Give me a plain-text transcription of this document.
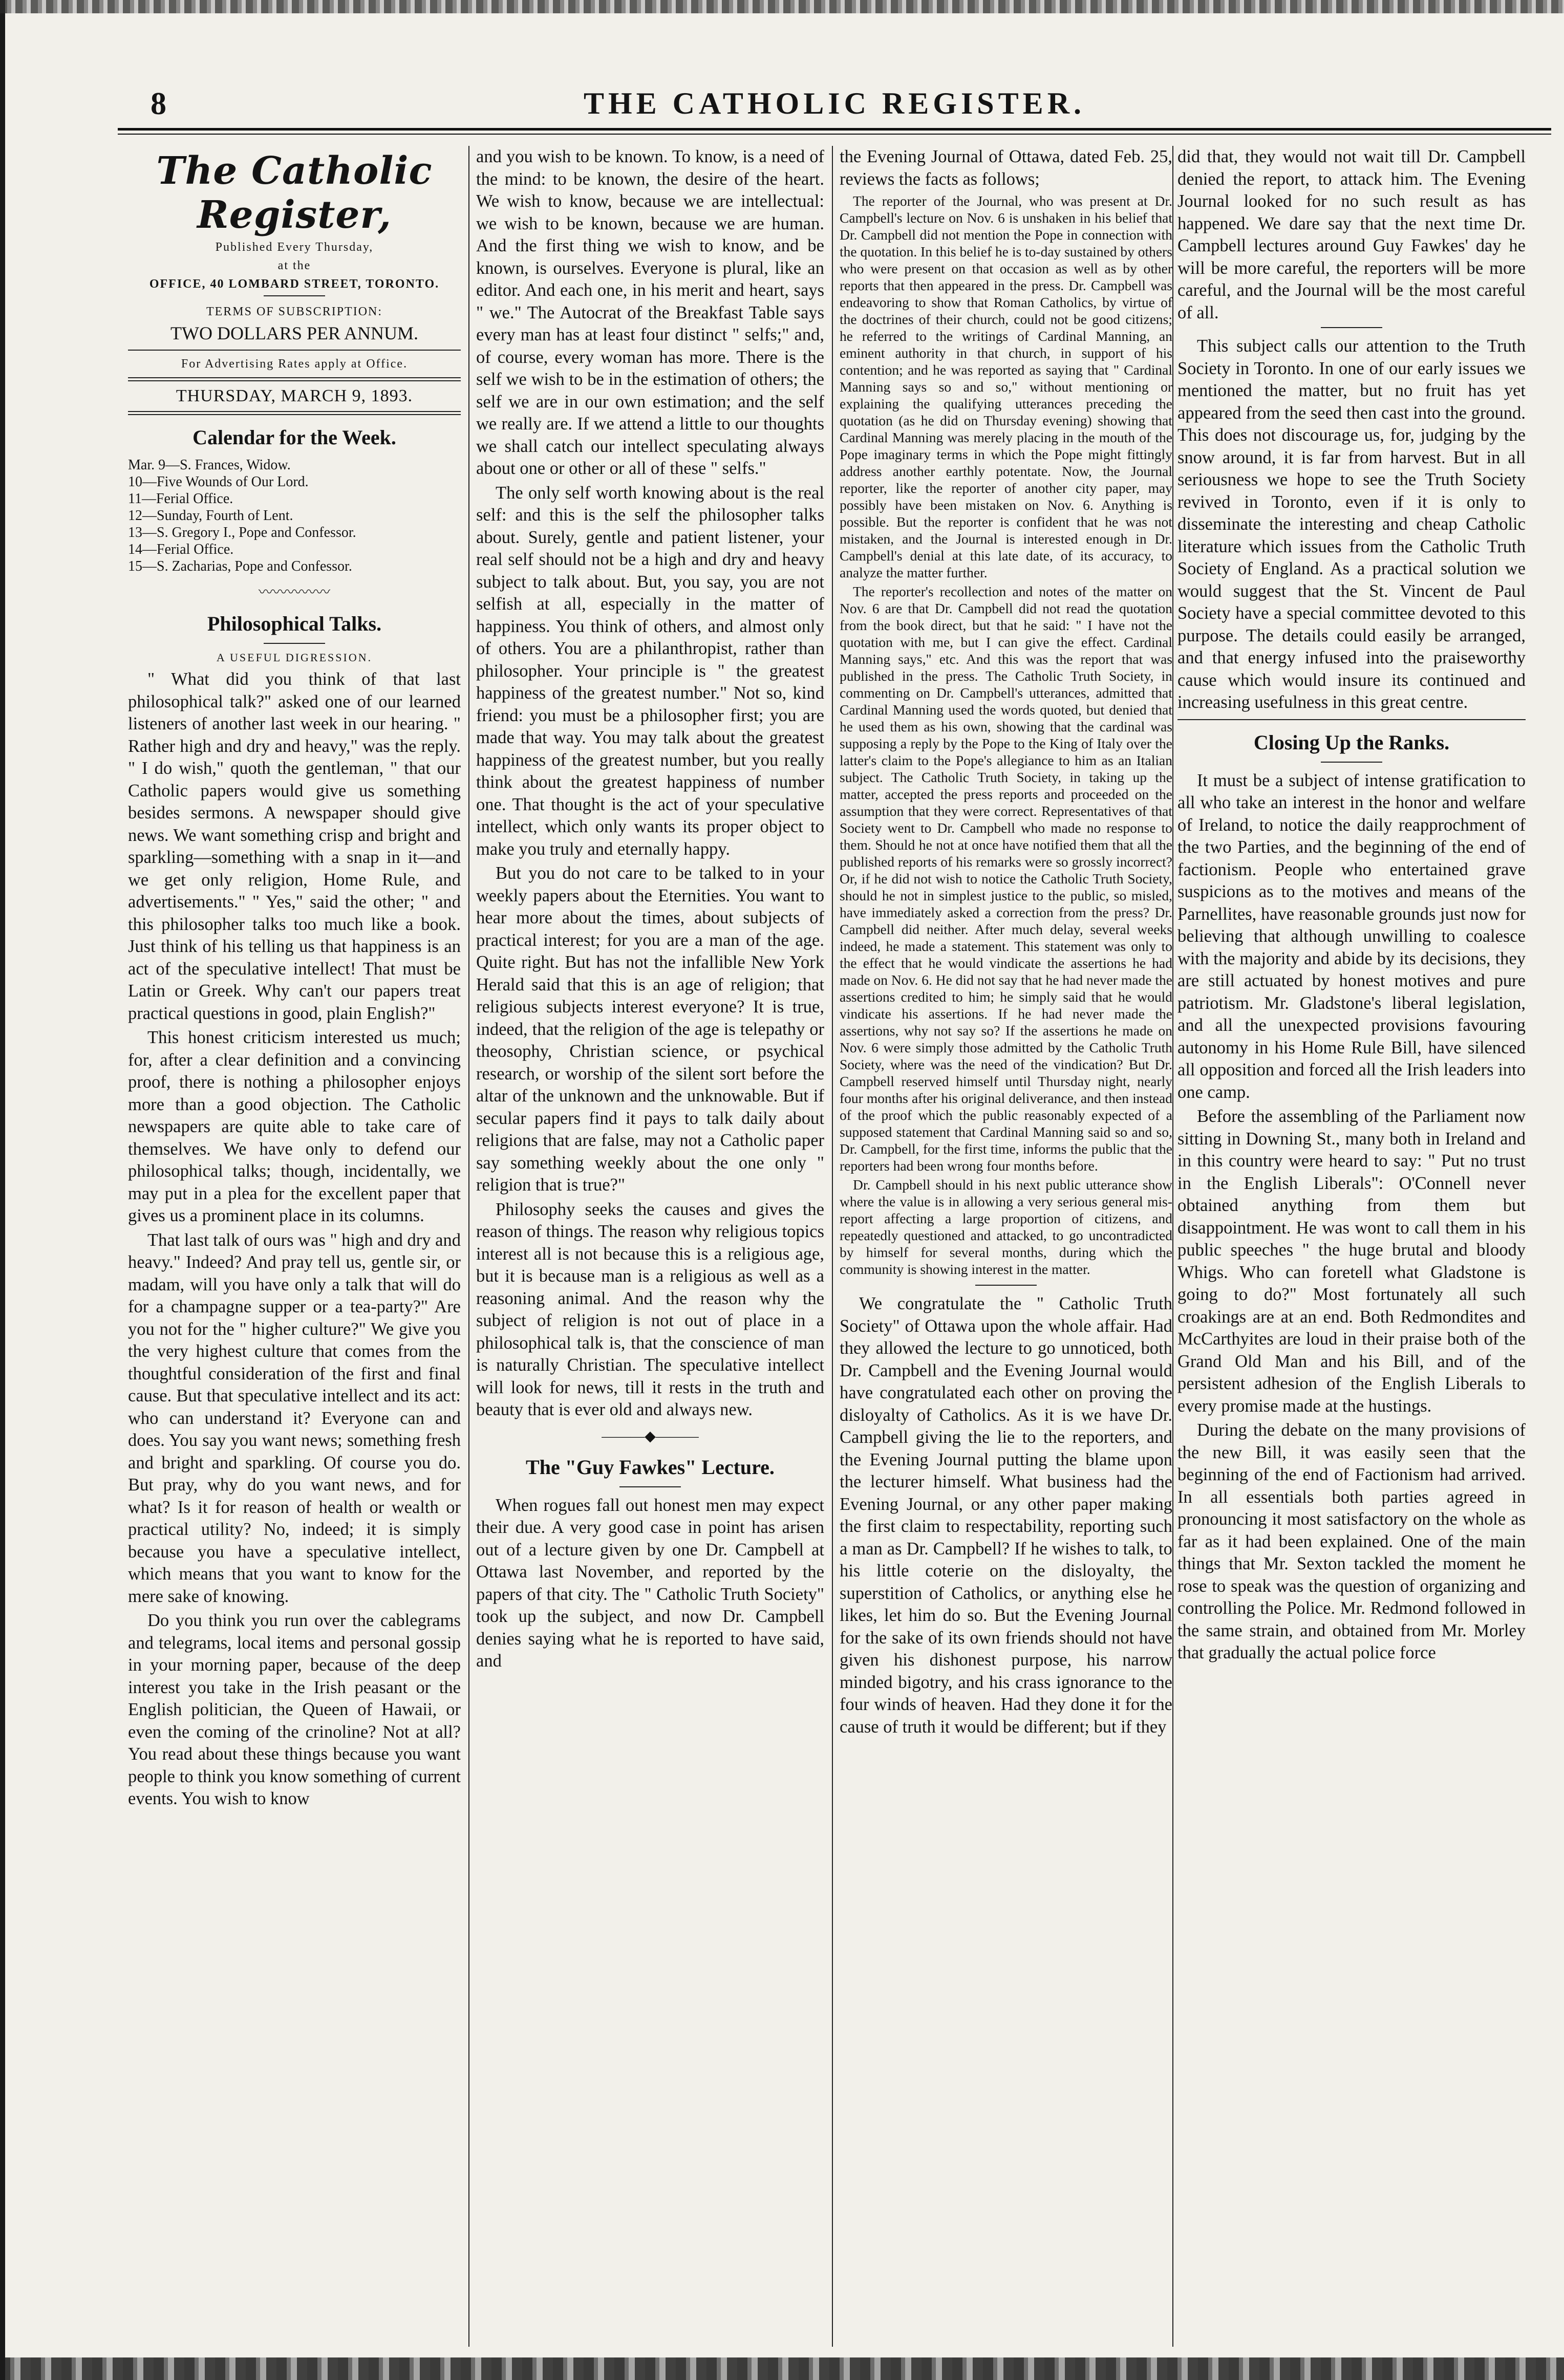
8	THE CATHOLIC REGISTER.
The Catholic Register,

Published Every Thursday,

at the

OFFICE, 40 LOMBARD STREET, TORONTO.

TERMS OF SUBSCRIPTION:

TWO DOLLARS PER ANNUM.

For Advertising Rates apply at Office.

THURSDAY, MARCH 9, 1893.
Calendar for the Week.
Mar. 9—S. Frances, Widow.
10—Five Wounds of Our Lord.
11—Ferial Office.
12—Sunday, Fourth of Lent.
13—S. Gregory I., Pope and Confessor.
14—Ferial Office.
15—S. Zacharias, Pope and Confessor.
〰〰〰〰〰
Philosophical Talks.
A USEFUL DIGRESSION.

" What did you think of that last philosophical talk?" asked one of our learned listeners of another last week in our hearing. " Rather high and dry and heavy," was the reply. " I do wish," quoth the gentleman, " that our Catholic papers would give us something besides sermons. A newspaper should give news. We want something crisp and bright and sparkling—something with a snap in it—and we get only religion, Home Rule, and advertisements." " Yes," said the other; " and this philosopher talks too much like a book. Just think of his telling us that happiness is an act of the speculative intellect! That must be Latin or Greek. Why can't our papers treat practical questions in good, plain English?"

This honest criticism interested us much; for, after a clear definition and a convincing proof, there is nothing a philosopher enjoys more than a good objection. The Catholic newspapers are quite able to take care of themselves. We have only to defend our philosophical talks; though, incidentally, we may put in a plea for the excellent paper that gives us a prominent place in its columns.

That last talk of ours was " high and dry and heavy." Indeed? And pray tell us, gentle sir, or madam, will you have only a talk that will do for a champagne supper or a tea-party?" Are you not for the " higher culture?" We give you the very highest culture that comes from the thoughtful consideration of the first and final cause. But that speculative intellect and its act: who can understand it? Everyone can and does. You say you want news; something fresh and bright and sparkling. Of course you do. But pray, why do you want news, and for what? Is it for reason of health or wealth or practical utility? No, indeed; it is simply because you have a speculative intellect, which means that you want to know for the mere sake of knowing.

Do you think you run over the cablegrams and telegrams, local items and personal gossip in your morning paper, because of the deep interest you take in the Irish peasant or the English politician, the Queen of Hawaii, or even the coming of the crinoline? Not at all? You read about these things because you want people to think you know something of current events. You wish to know

and you wish to be known. To know, is a need of the mind: to be known, the desire of the heart. We wish to know, because we are intellectual: we wish to be known, because we are human. And the first thing we wish to know, and be known, is ourselves. Everyone is plural, like an editor. And each one, in his merit and heart, says " we." The Autocrat of the Breakfast Table says every man has at least four distinct " selfs;" and, of course, every woman has more. There is the self we wish to be in the estimation of others; the self we are in our own estimation; and the self we really are. If we attend a little to our thoughts we shall catch our intellect speculating always about one or other or all of these " selfs."

The only self worth knowing about is the real self: and this is the self the philosopher talks about. Surely, gentle and patient listener, your real self should not be a high and dry and heavy subject to talk about. But, you say, you are not selfish at all, especially in the matter of happiness. You think of others, and almost only of others. You are a philanthropist, rather than philosopher. Your principle is " the greatest happiness of the greatest number." Not so, kind friend: you must be a philosopher first; you are made that way. You may talk about the greatest happiness of the greatest number, but you really think about the greatest happiness of number one. That thought is the act of your speculative intellect, which only wants its proper object to make you truly and eternally happy.

But you do not care to be talked to in your weekly papers about the Eternities. You want to hear more about the times, about subjects of practical interest; for you are a man of the age. Quite right. But has not the infallible New York Herald said that this is an age of religion; that religious subjects interest everyone? It is true, indeed, that the religion of the age is telepathy or theosophy, Christian science, or psychical research, or worship of the silent sort before the altar of the unknown and the unknowable. But if secular papers find it pays to talk daily about religions that are false, may not a Catholic paper say something weekly about the one only " religion that is true?"

Philosophy seeks the causes and gives the reason of things. The reason why religious topics interest all is not because this is a religious age, but it is because man is a religious as well as a reasoning animal. And the reason why the subject of religion is not out of place in a philosophical talk is, that the conscience of man is naturally Christian. The speculative intellect will look for news, till it rests in the truth and beauty that is ever old and always new.

―――◆―――
The "Guy Fawkes" Lecture.

When rogues fall out honest men may expect their due. A very good case in point has arisen out of a lecture given by one Dr. Campbell at Ottawa last November, and reported by the papers of that city. The " Catholic Truth Society" took up the subject, and now Dr. Campbell denies saying what he is reported to have said, and

the Evening Journal of Ottawa, dated Feb. 25, reviews the facts as follows;

The reporter of the Journal, who was present at Dr. Campbell's lecture on Nov. 6 is unshaken in his belief that Dr. Campbell did not mention the Pope in connection with the quotation. In this belief he is to-day sustained by others who were present on that occasion as well as by other reports that then appeared in the press. Dr. Campbell was endeavoring to show that Roman Catholics, by virtue of the doctrines of their church, could not be good citizens; he referred to the writings of Cardinal Manning, an eminent authority in that church, in support of his contention; and he was reported as saying that " Cardinal Manning says so and so," without mentioning or explaining the qualifying utterances preceding the quotation (as he did on Thursday evening) showing that Cardinal Manning was merely placing in the mouth of the Pope imaginary terms in which the Pope might fittingly address another earthly potentate. Now, the Journal reporter, like the reporter of another city paper, may possibly have been mistaken on Nov. 6. Anything is possible. But the reporter is confident that he was not mistaken, and the Journal is interested enough in Dr. Campbell's denial at this late date, of its accuracy, to analyze the matter further.

The reporter's recollection and notes of the matter on Nov. 6 are that Dr. Campbell did not read the quotation from the book direct, but that he said: " I have not the quotation with me, but I can give the effect. Cardinal Manning says," etc. And this was the report that was published in the press. The Catholic Truth Society, in commenting on Dr. Campbell's utterances, admitted that Cardinal Manning used the words quoted, but denied that he used them as his own, showing that the cardinal was supposing a reply by the Pope to the King of Italy over the latter's claim to the Pope's allegiance to him as an Italian subject. The Catholic Truth Society, in taking up the matter, accepted the press reports and proceeded on the assumption that they were correct. Representatives of that Society went to Dr. Campbell who made no response to them. Should he not at once have notified them that all the published reports of his remarks were so grossly incorrect? Or, if he did not wish to notice the Catholic Truth Society, should he not in simplest justice to the public, so misled, have immediately asked a correction from the press? Dr. Campbell did neither. After much delay, several weeks indeed, he made a statement. This statement was only to the effect that he would vindicate the assertions he had made on Nov. 6. He did not say that he had never made the assertions credited to him; he simply said that he would vindicate his assertions. If he had never made the assertions, why not say so? If the assertions he made on Nov. 6 were simply those admitted by the Catholic Truth Society, where was the need of the vindication? But Dr. Campbell reserved himself until Thursday night, nearly four months after his original deliverance, and then instead of the proof which the public reasonably expected of a supposed statement that Cardinal Manning said so and so, Dr. Campbell, for the first time, informs the public that the reporters had been wrong four months before.

Dr. Campbell should in his next public utterance show where the value is in allowing a very serious general mis-report affecting a large proportion of citizens, and repeatedly questioned and attacked, to go uncontradicted by himself for several months, during which the community is showing interest in the matter.

We congratulate the " Catholic Truth Society" of Ottawa upon the whole affair. Had they allowed the lecture to go unnoticed, both Dr. Campbell and the Evening Journal would have congratulated each other on proving the disloyalty of Catholics. As it is we have Dr. Campbell giving the lie to the reporters, and the Evening Journal putting the blame upon the lecturer himself. What business had the Evening Journal, or any other paper making the first claim to respectability, reporting such a man as Dr. Campbell? If he wishes to talk, to his little coterie on the disloyalty, the superstition of Catholics, or anything else he likes, let him do so. But the Evening Journal for the sake of its own friends should not have given his dishonest purpose, his narrow minded bigotry, and his crass ignorance to the four winds of heaven. Had they done it for the cause of truth it would be different; but if they

did that, they would not wait till Dr. Campbell denied the report, to attack him. The Evening Journal looked for no such result as has happened. We dare say that the next time Dr. Campbell lectures around Guy Fawkes' day he will be more careful, the reporters will be more careful, and the Journal will be the most careful of all.

This subject calls our attention to the Truth Society in Toronto. In one of our early issues we mentioned the matter, but no fruit has yet appeared from the seed then cast into the ground. This does not discourage us, for, judging by the snow around, it is far from harvest. But in all seriousness we hope to see the Truth Society revived in Toronto, even if it is only to disseminate the interesting and cheap Catholic literature which issues from the Catholic Truth Society of England. As a practical solution we would suggest that the St. Vincent de Paul Society have a special committee devoted to this purpose. The details could easily be arranged, and that energy infused into the praiseworthy cause which would insure its continued and increasing usefulness in this great centre.

Closing Up the Ranks.

It must be a subject of intense gratification to all who take an interest in the honor and welfare of Ireland, to notice the daily reapprochment of the two Parties, and the beginning of the end of factionism. People who entertained grave suspicions as to the motives and means of the Parnellites, have reasonable grounds just now for believing that although unwilling to coalesce with the majority and abide by its decisions, they are still actuated by honest motives and pure patriotism. Mr. Gladstone's liberal legislation, and all the unexpected provisions favouring autonomy in his Home Rule Bill, have silenced all opposition and forced all the Irish leaders into one camp.

Before the assembling of the Parliament now sitting in Downing St., many both in Ireland and in this country were heard to say: " Put no trust in the English Liberals": O'Connell never obtained anything from them but disappointment. He was wont to call them in his public speeches " the huge brutal and bloody Whigs. Who can foretell what Gladstone is going to do?" Most fortunately all such croakings are at an end. Both Redmondites and McCarthyites are loud in their praise both of the Grand Old Man and his Bill, and of the persistent adhesion of the English Liberals to every promise made at the hustings.

During the debate on the many provisions of the new Bill, it was easily seen that the beginning of the end of Factionism had arrived. In all essentials both parties agreed in pronouncing it most satisfactory on the whole as far as it had been explained. One of the main things that Mr. Sexton tackled the moment he rose to speak was the question of organizing and controlling the Police. Mr. Redmond followed in the same strain, and obtained from Mr. Morley that gradually the actual police force
